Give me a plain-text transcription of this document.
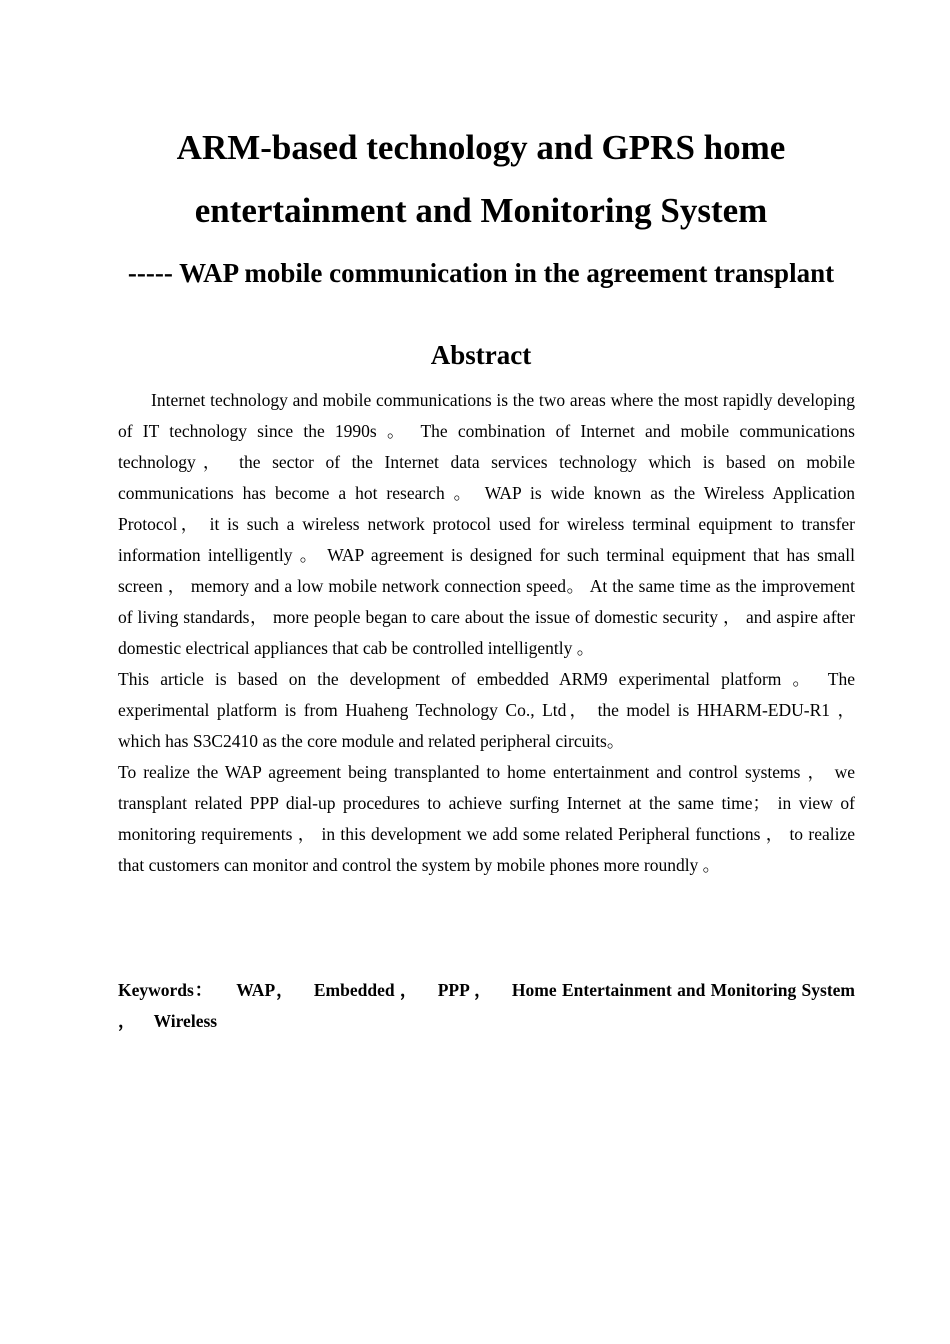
ARM-based technology and GPRS home
entertainment and Monitoring System
----- WAP mobile communication in the agreement transplant
Abstract

Internet technology and mobile communications is the two areas where the most rapidly developing of IT technology since the 1990s 。 The combination of Internet and mobile communications technology， the sector of the Internet data services technology which is based on mobile communications has become a hot research 。 WAP is wide known as the Wireless Application Protocol， it is such a wireless network protocol used for wireless terminal equipment to transfer information intelligently 。 WAP agreement is designed for such terminal equipment that has small screen ， memory and a low mobile network connection speed。 At the same time as the improvement of living standards， more people began to care about the issue of domestic security ， and aspire after domestic electrical appliances that cab be controlled intelligently 。

This article is based on the development of embedded ARM9 experimental platform 。 The experimental platform is from Huaheng Technology Co., Ltd， the model is HHARM-EDU-R1 ， which has S3C2410 as the core module and related peripheral circuits。

To realize the WAP agreement being transplanted to home entertainment and control systems ， we transplant related PPP dial-up procedures to achieve surfing Internet at the same time； in view of monitoring requirements ， in this development we add some related Peripheral functions ， to realize that customers can monitor and control the system by mobile phones more roundly 。

Keywords： WAP， Embedded ， PPP ， Home Entertainment and Monitoring System ， Wireless
